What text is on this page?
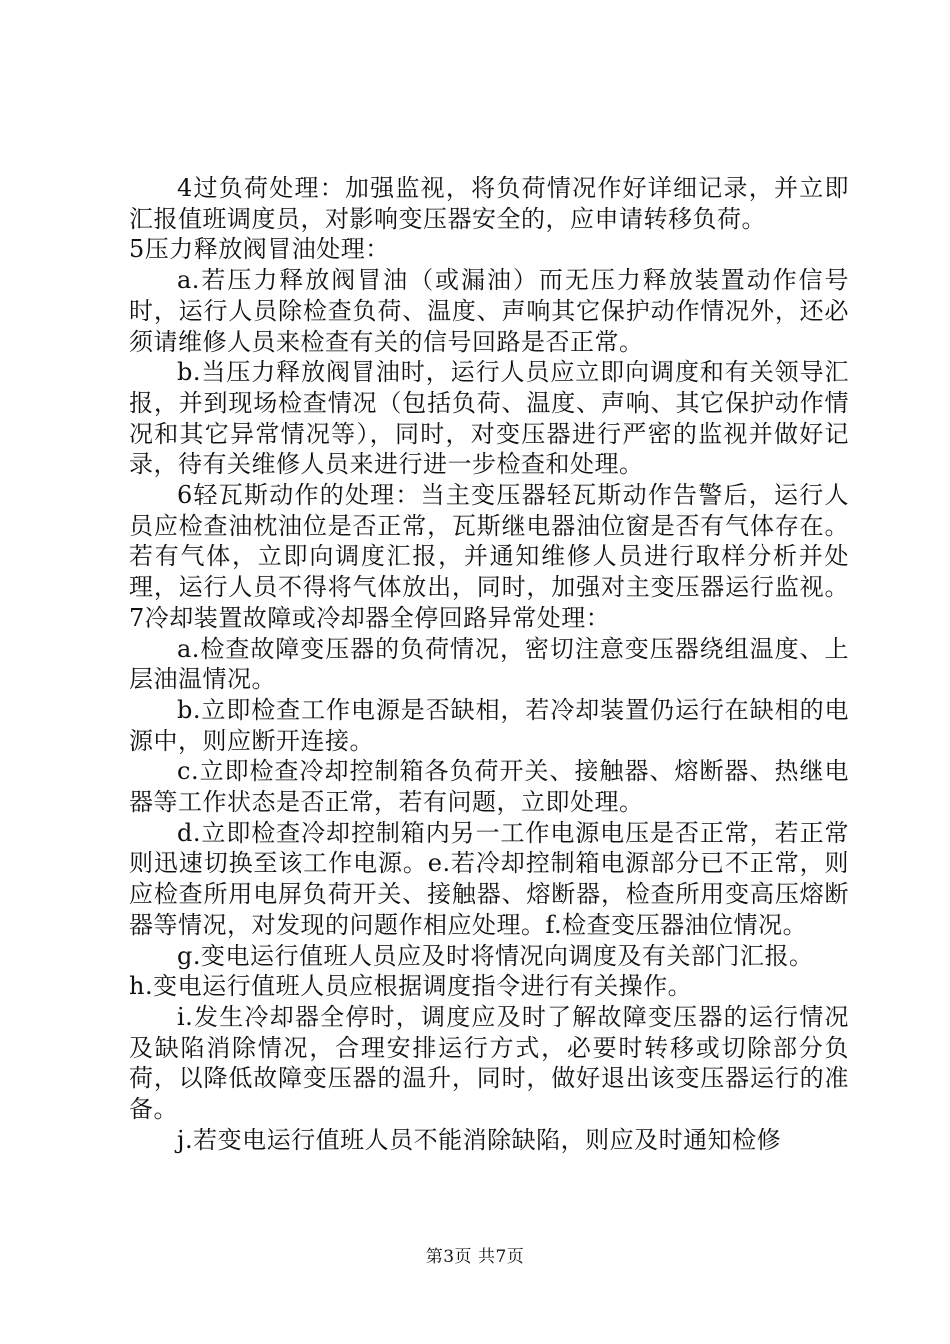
4过负荷处理：加强监视，将负荷情况作好详细记录，并立即汇报值班调度员，对影响变压器安全的，应申请转移负荷。

5压力释放阀冒油处理：

a.若压力释放阀冒油（或漏油）而无压力释放装置动作信号时，运行人员除检查负荷、温度、声响其它保护动作情况外，还必须请维修人员来检查有关的信号回路是否正常。

b.当压力释放阀冒油时，运行人员应立即向调度和有关领导汇报，并到现场检查情况（包括负荷、温度、声响、其它保护动作情况和其它异常情况等），同时，对变压器进行严密的监视并做好记录，待有关维修人员来进行进一步检查和处理。

6轻瓦斯动作的处理：当主变压器轻瓦斯动作告警后，运行人员应检查油枕油位是否正常，瓦斯继电器油位窗是否有气体存在。若有气体，立即向调度汇报，并通知维修人员进行取样分析并处理，运行人员不得将气体放出，同时，加强对主变压器运行监视。7冷却装置故障或冷却器全停回路异常处理：

a.检查故障变压器的负荷情况，密切注意变压器绕组温度、上层油温情况。

b.立即检查工作电源是否缺相，若冷却装置仍运行在缺相的电源中，则应断开连接。

c.立即检查冷却控制箱各负荷开关、接触器、熔断器、热继电器等工作状态是否正常，若有问题，立即处理。

d.立即检查冷却控制箱内另一工作电源电压是否正常，若正常则迅速切换至该工作电源。e.若冷却控制箱电源部分已不正常，则应检查所用电屏负荷开关、接触器、熔断器，检查所用变高压熔断器等情况，对发现的问题作相应处理。f.检查变压器油位情况。

g.变电运行值班人员应及时将情况向调度及有关部门汇报。

h.变电运行值班人员应根据调度指令进行有关操作。

i.发生冷却器全停时，调度应及时了解故障变压器的运行情况及缺陷消除情况，合理安排运行方式，必要时转移或切除部分负荷，以降低故障变压器的温升，同时，做好退出该变压器运行的准备。

j.若变电运行值班人员不能消除缺陷，则应及时通知检修

第3页 共7页
